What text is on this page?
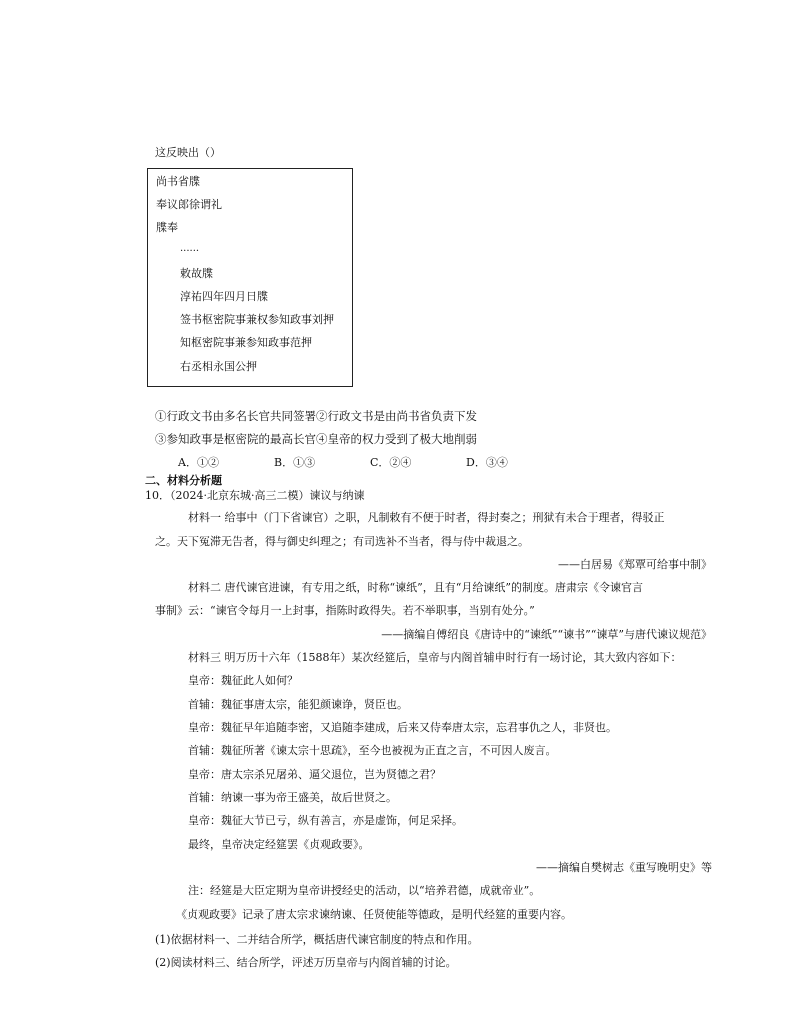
这反映出（）
尚书省牒
奉议郎徐谓礼
牒奉
......
敕故牒
淳祐四年四月日牒
签书枢密院事兼权参知政事刘押
知枢密院事兼参知政事范押
右丞相永国公押
①行政文书由多名长官共同签署②行政文书是由尚书省负责下发
③参知政事是枢密院的最高长官④皇帝的权力受到了极大地削弱
A．①②	B．①③	C．②④	D．③④
二、材料分析题
10．（2024·北京东城·高三二模）谏议与纳谏
材料一 给事中（门下省谏官）之职，凡制敕有不便于时者，得封奏之；刑狱有未合于理者，得驳正
之。天下冤滞无告者，得与御史纠理之；有司选补不当者，得与侍中裁退之。
——白居易《郑覃可给事中制》
材料二 唐代谏官进谏，有专用之纸，时称“谏纸”，且有“月给谏纸”的制度。唐肃宗《令谏官言
事制》云：“谏官令每月一上封事，指陈时政得失。若不举职事，当别有处分。”
——摘编自傅绍良《唐诗中的“谏纸”“谏书”“谏草”与唐代谏议规范》
材料三 明万历十六年（1588年）某次经筵后，皇帝与内阁首辅申时行有一场讨论，其大致内容如下：
皇帝：魏征此人如何？
首辅：魏征事唐太宗，能犯颜谏诤，贤臣也。
皇帝：魏征早年追随李密，又追随李建成，后来又侍奉唐太宗，忘君事仇之人，非贤也。
首辅：魏征所著《谏太宗十思疏》，至今也被视为正直之言，不可因人废言。
皇帝：唐太宗杀兄屠弟、逼父退位，岂为贤德之君？
首辅：纳谏一事为帝王盛美，故后世贤之。
皇帝：魏征大节已亏，纵有善言，亦是虚饰，何足采择。
最终，皇帝决定经筵罢《贞观政要》。
——摘编自樊树志《重写晚明史》等
注：经筵是大臣定期为皇帝讲授经史的活动，以“培养君德，成就帝业”。
《贞观政要》记录了唐太宗求谏纳谏、任贤使能等德政，是明代经筵的重要内容。
(1)依据材料一、二并结合所学，概括唐代谏官制度的特点和作用。
(2)阅读材料三、结合所学，评述万历皇帝与内阁首辅的讨论。
